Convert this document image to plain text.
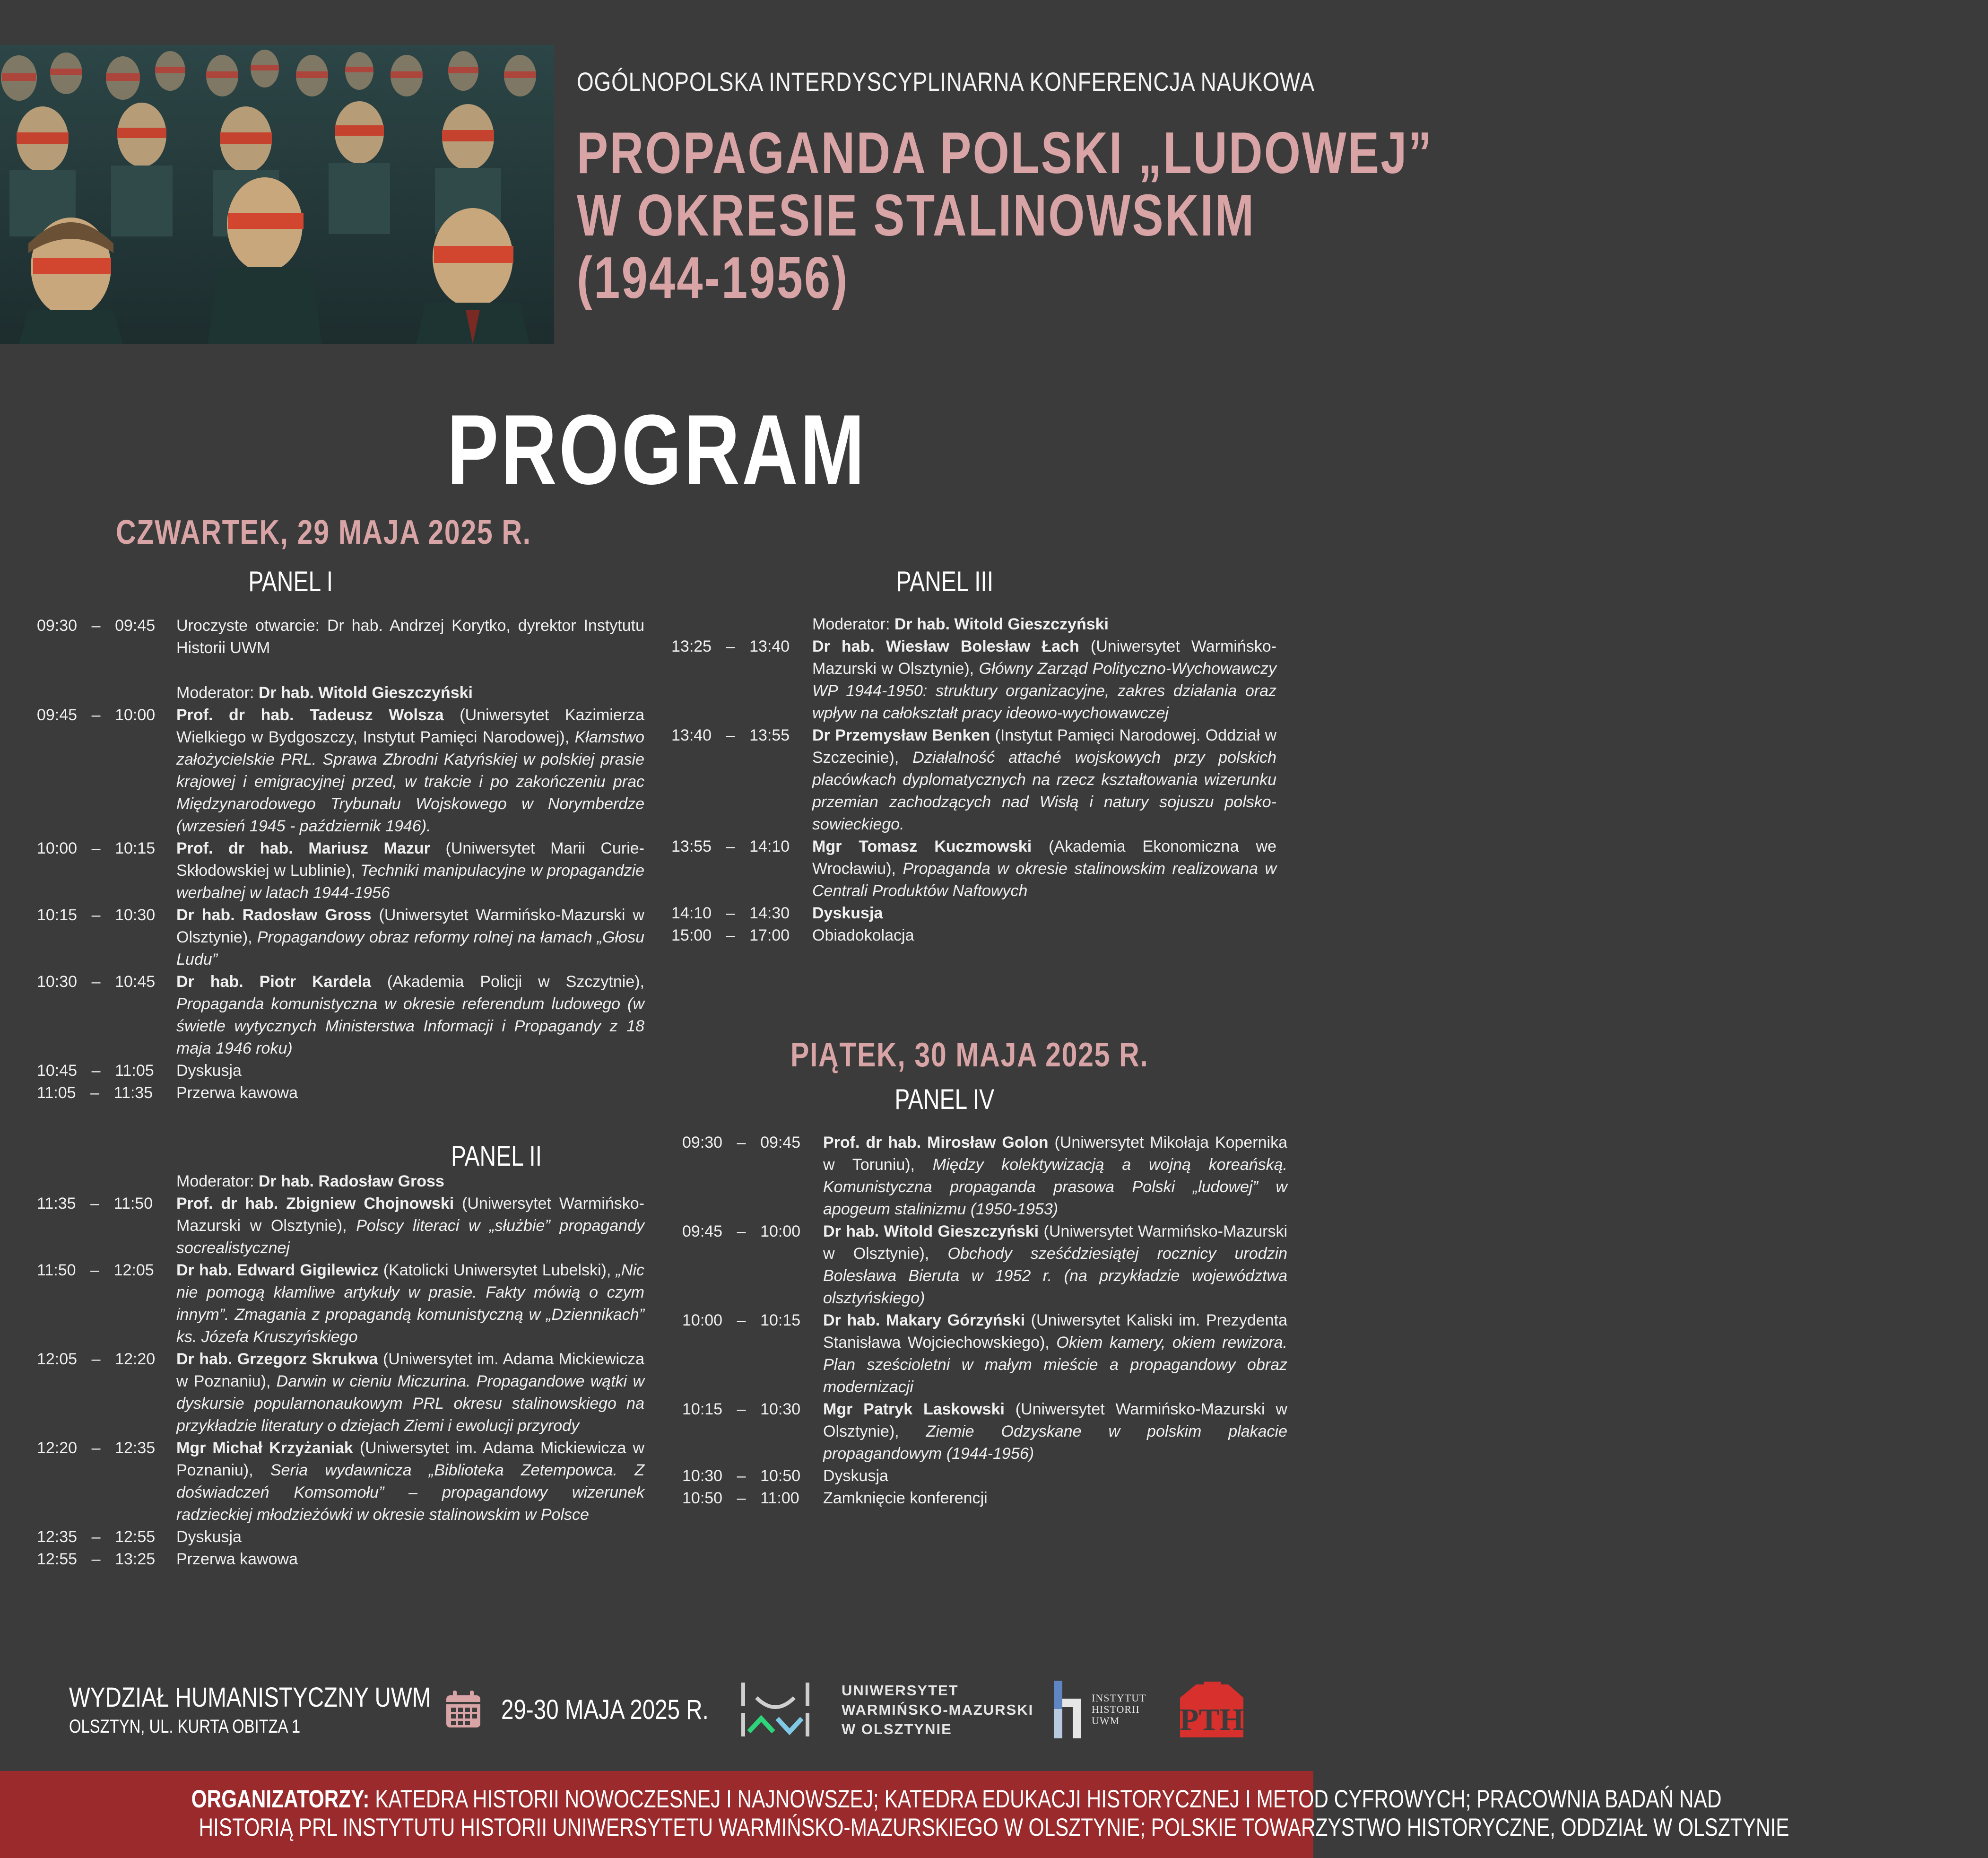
OGÓLNOPOLSKA INTERDYSCYPLINARNA KONFERENCJA NAUKOWA
PROPAGANDA POLSKI „LUDOWEJ”
W OKRESIE STALINOWSKIM
(1944-1956)
PROGRAM
CZWARTEK, 29 MAJA 2025 R.
PANEL I
PANEL II
PANEL III
09:30 – 09:45	Uroczyste otwarcie: Dr hab. Andrzej Korytko, dyrektor Instytutu Historii UWM
Moderator: Dr hab. Witold Gieszczyński
09:45 – 10:00	Prof. dr hab. Tadeusz Wolsza (Uniwersytet Kazimierza Wielkiego w Bydgoszczy, Instytut Pamięci Narodowej), Kłamstwo założycielskie PRL. Sprawa Zbrodni Katyńskiej w polskiej prasie krajowej i emigracyjnej przed, w trakcie i po zakończeniu prac Międzynarodowego Trybunału Wojskowego w Norymberdze (wrzesień 1945 - październik 1946).
10:00 – 10:15	Prof. dr hab. Mariusz Mazur (Uniwersytet Marii Curie-Skłodowskiej w Lublinie), Techniki manipulacyjne w propagandzie werbalnej w latach 1944-1956
10:15 – 10:30	Dr hab. Radosław Gross (Uniwersytet Warmińsko-Mazurski w Olsztynie), Propagandowy obraz reformy rolnej na łamach „Głosu Ludu”
10:30 – 10:45	Dr hab. Piotr Kardela (Akademia Policji w Szczytnie), Propaganda komunistyczna w okresie referendum ludowego (w świetle wytycznych Ministerstwa Informacji i Propagandy z 18 maja 1946 roku)
10:45 – 11:05	Dyskusja
11:05 – 11:35	Przerwa kawowa
Moderator: Dr hab. Radosław Gross
11:35 – 11:50	Prof. dr hab. Zbigniew Chojnowski (Uniwersytet Warmińsko-Mazurski w Olsztynie), Polscy literaci w „służbie” propagandy socrealistycznej
11:50 – 12:05	Dr hab. Edward Gigilewicz (Katolicki Uniwersytet Lubelski), „Nic nie pomogą kłamliwe artykuły w prasie. Fakty mówią o czym innym”. Zmagania z propagandą komunistyczną w „Dziennikach” ks. Józefa Kruszyńskiego
12:05 – 12:20	Dr hab. Grzegorz Skrukwa (Uniwersytet im. Adama Mickiewicza w Poznaniu), Darwin w cieniu Miczurina. Propagandowe wątki w dyskursie popularnonaukowym PRL okresu stalinowskiego na przykładzie literatury o dziejach Ziemi i ewolucji przyrody
12:20 – 12:35	Mgr Michał Krzyżaniak (Uniwersytet im. Adama Mickiewicza w Poznaniu), Seria wydawnicza „Biblioteka Zetempowca. Z doświadczeń Komsomołu” – propagandowy wizerunek radzieckiej młodzieżówki w okresie stalinowskim w Polsce
12:35 – 12:55	Dyskusja
12:55 – 13:25	Przerwa kawowa
Moderator: Dr hab. Witold Gieszczyński
13:25 – 13:40	Dr hab. Wiesław Bolesław Łach (Uniwersytet Warmińsko-Mazurski w Olsztynie), Główny Zarząd Polityczno-Wychowawczy WP 1944-1950: struktury organizacyjne, zakres działania oraz wpływ na całokształt pracy ideowo-wychowawczej
13:40 – 13:55	Dr Przemysław Benken (Instytut Pamięci Narodowej. Oddział w Szczecinie), Działalność attaché wojskowych przy polskich placówkach dyplomatycznych na rzecz kształtowania wizerunku przemian zachodzących nad Wisłą i natury sojuszu polsko-sowieckiego.
13:55 – 14:10	Mgr Tomasz Kuczmowski (Akademia Ekonomiczna we Wrocławiu), Propaganda w okresie stalinowskim realizowana w Centrali Produktów Naftowych
14:10 – 14:30	Dyskusja
15:00 – 17:00	Obiadokolacja
PIĄTEK, 30 MAJA 2025 R.
PANEL IV
09:30 – 09:45	Prof. dr hab. Mirosław Golon (Uniwersytet Mikołaja Kopernika w Toruniu), Między kolektywizacją a wojną koreańską. Komunistyczna propaganda prasowa Polski „ludowej” w apogeum stalinizmu (1950-1953)
09:45 – 10:00	Dr hab. Witold Gieszczyński (Uniwersytet Warmińsko-Mazurski w Olsztynie), Obchody sześćdziesiątej rocznicy urodzin Bolesława Bieruta w 1952 r. (na przykładzie województwa olsztyńskiego)
10:00 – 10:15	Dr hab. Makary Górzyński (Uniwersytet Kaliski im. Prezydenta Stanisława Wojciechowskiego), Okiem kamery, okiem rewizora. Plan sześcioletni w małym mieście a propagandowy obraz modernizacji
10:15 – 10:30	Mgr Patryk Laskowski (Uniwersytet Warmińsko-Mazurski w Olsztynie), Ziemie Odzyskane w polskim plakacie propagandowym (1944-1956)
10:30 – 10:50	Dyskusja
10:50 – 11:00	Zamknięcie konferencji
WYDZIAŁ HUMANISTYCZNY UWM
OLSZTYN, UL. KURTA OBITZA 1
29-30 MAJA 2025 R.
UNIWERSYTET
WARMIŃSKO-MAZURSKI
W OLSZTYNIE
INSTYTUT
HISTORII
UWM	PTH
ORGANIZATORZY: KATEDRA HISTORII NOWOCZESNEJ I NAJNOWSZEJ; KATEDRA EDUKACJI HISTORYCZNEJ I METOD CYFROWYCH; PRACOWNIA BADAŃ NAD
HISTORIĄ PRL INSTYTUTU HISTORII UNIWERSYTETU WARMIŃSKO-MAZURSKIEGO W OLSZTYNIE; POLSKIE TOWARZYSTWO HISTORYCZNE, ODDZIAŁ W OLSZTYNIE
